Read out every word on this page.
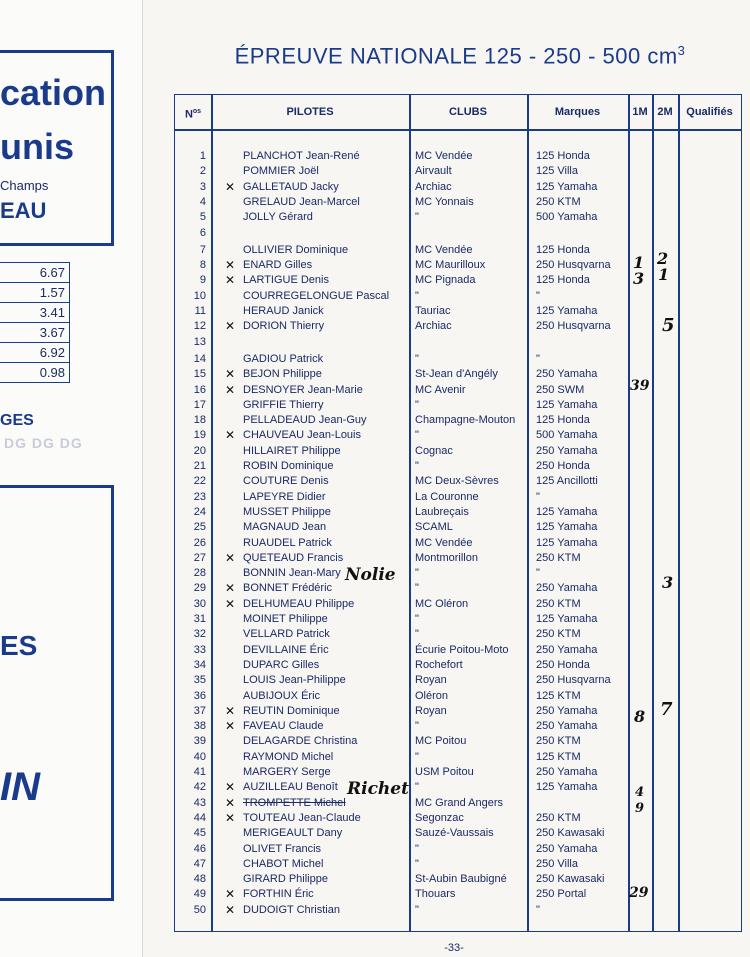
cation
unis
Champs
EAU
6.67
1.57
3.41
3.67
6.92
0.98
GES
DG DG DG
ES
IN
ÉPREUVE NATIONALE 125 - 250 - 500 $cm^3$
$N^{os}$	PILOTES	CLUBS	Marques	1M 2M	Qualifiés
1	PLANCHOT Jean-René	MC Vendée	125 Honda
2	POMMIER Joël	Airvault	125 Villa
3	GALLETAUD Jacky	Archiac	125 Yamaha
✕
4	GRELAUD Jean-Marcel	MC Yonnais	250 KTM
5	JOLLY Gérard	"	500 Yamaha
6
7	OLLIVIER Dominique	MC Vendée	125 Honda
8	ENARD Gilles	MC Maurilloux	250 Husqvarna
✕
9	LARTIGUE Denis	MC Pignada	125 Honda
✕
10	COURREGELONGUE Pascal "	"
11	HERAUD Janick	Tauriac	125 Yamaha
12	DORION Thierry	Archiac	250 Husqvarna
✕
13
14	GADIOU Patrick	"	"
15	BEJON Philippe	St-Jean d'Angély	250 Yamaha
✕
16	DESNOYER Jean-Marie	MC Avenir	250 SWM
✕
17	GRIFFIE Thierry	"	125 Yamaha
18	PELLADEAUD Jean-Guy	Champagne-Mouton 125 Honda
19	CHAUVEAU Jean-Louis	"	500 Yamaha
✕
20	HILLAIRET Philippe	Cognac	250 Yamaha
21	ROBIN Dominique	"	250 Honda
22	COUTURE Denis	MC Deux-Sèvres	125 Ancillotti
23	LAPEYRE Didier	La Couronne	"
24	MUSSET Philippe	Laubreçais	125 Yamaha
25	MAGNAUD Jean	SCAML	125 Yamaha
26	RUAUDEL Patrick	MC Vendée	125 Yamaha
27	QUETEAUD Francis	Montmorillon	250 KTM
✕
28	BONNIN Jean-Mary	"	"
29	BONNET Frédéric	"	250 Yamaha
✕
30	DELHUMEAU Philippe	MC Oléron	250 KTM
✕
31	MOINET Philippe	"	125 Yamaha
32	VELLARD Patrick	"	250 KTM
33	DEVILLAINE Éric	Écurie Poitou-Moto 250 Yamaha
34	DUPARC Gilles	Rochefort	250 Honda
35	LOUIS Jean-Philippe	Royan	250 Husqvarna
36	AUBIJOUX Éric	Oléron	125 KTM
37	REUTIN Dominique	Royan	250 Yamaha
✕
38	FAVEAU Claude	"	250 Yamaha
✕
39	DELAGARDE Christina	MC Poitou	250 KTM
40	RAYMOND Michel	"	125 KTM
41	MARGERY Serge	USM Poitou	250 Yamaha
42	AUZILLEAU Benoît	"	125 Yamaha
✕
43	TROMPETTE Michel	MC Grand Angers
✕
44	TOUTEAU Jean-Claude	Segonzac	250 KTM
✕
45	MERIGEAULT Dany	Sauzé-Vaussais	250 Kawasaki
46	OLIVET Francis	"	250 Yamaha
47	CHABOT Michel	"	250 Villa
48	GIRARD Philippe	St-Aubin Baubigné	250 Kawasaki
49	FORTHIN Éric	Thouars	250 Portal
✕
50	DUDOIGT Christian	"	"
✕
1 2
3 1
5
39
3
8 7
4
9
29
Nolie
Richet
-33-
